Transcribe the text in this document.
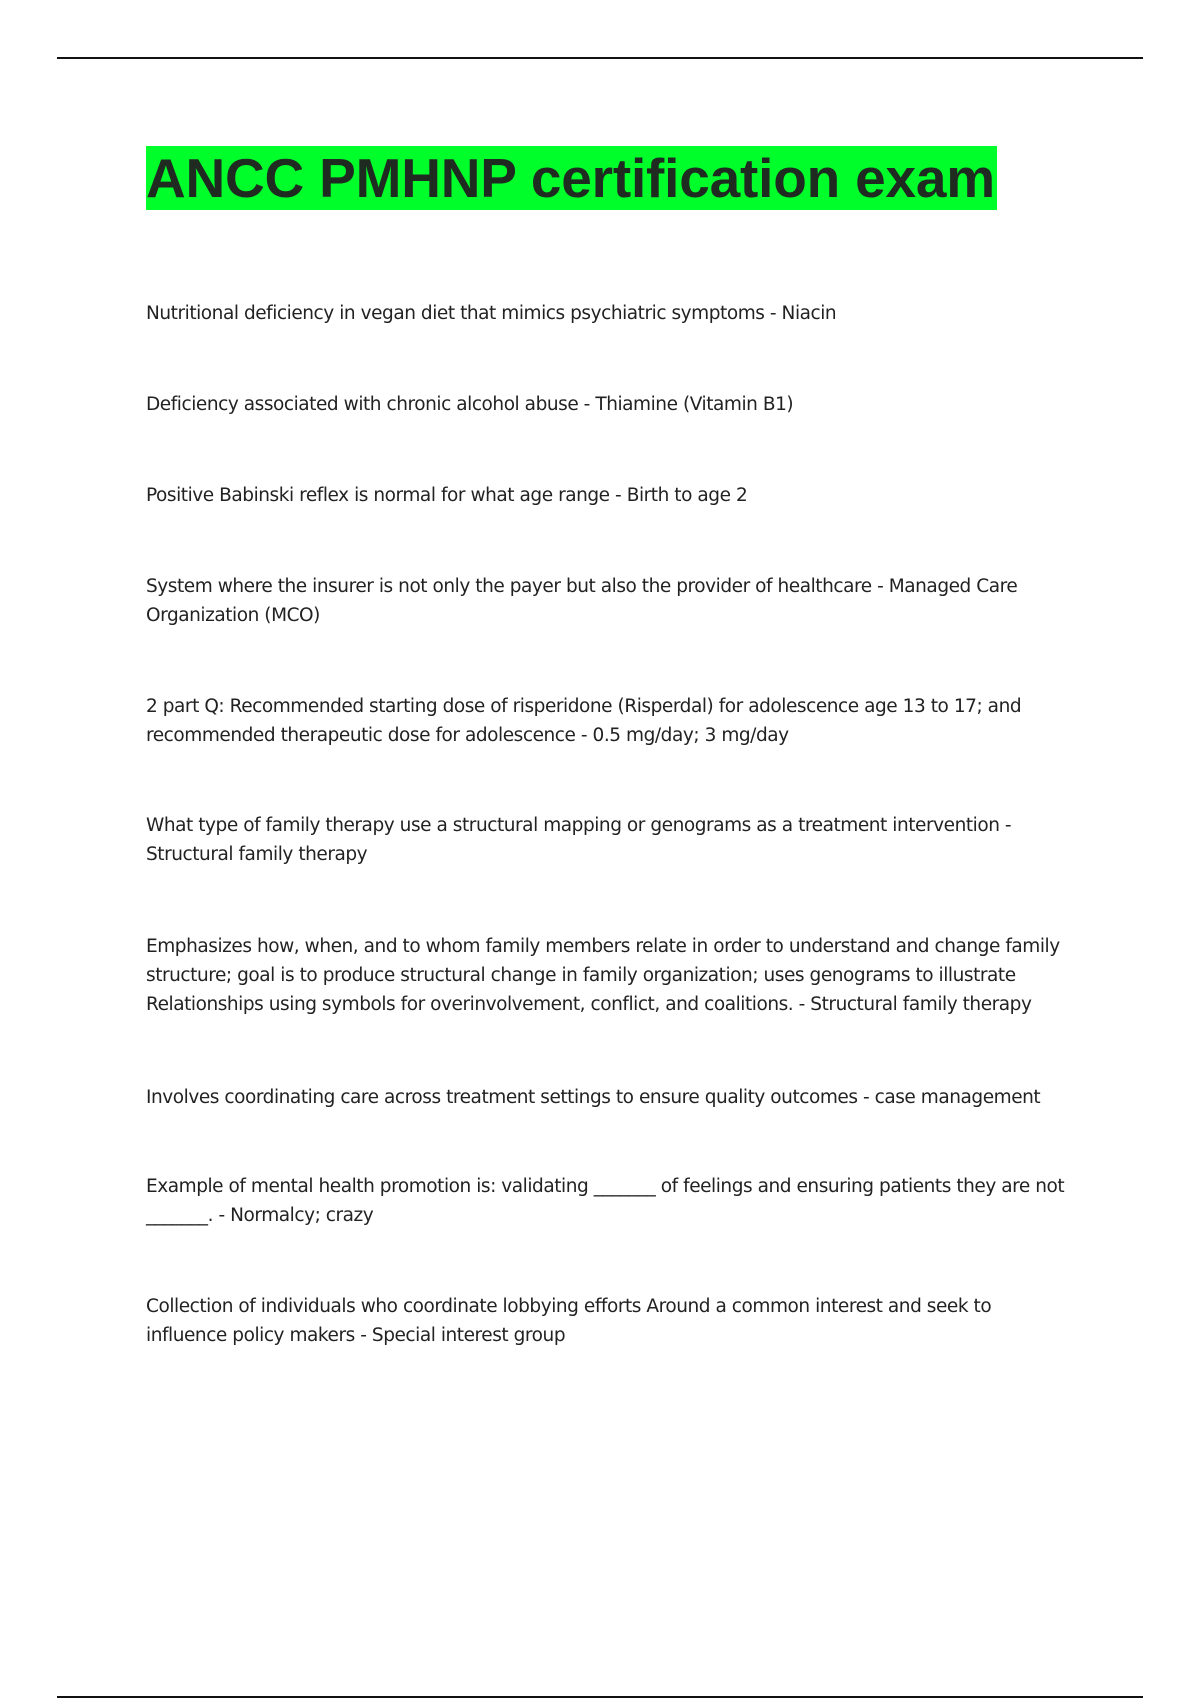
ANCC PMHNP certification exam

Nutritional deficiency in vegan diet that mimics psychiatric symptoms - Niacin

Deficiency associated with chronic alcohol abuse - Thiamine (Vitamin B1)

Positive Babinski reflex is normal for what age range - Birth to age 2

System where the insurer is not only the payer but also the provider of healthcare - Managed Care Organization (MCO)

2 part Q: Recommended starting dose of risperidone (Risperdal) for adolescence age 13 to 17; and recommended therapeutic dose for adolescence - 0.5 mg/day; 3 mg/day

What type of family therapy use a structural mapping or genograms as a treatment intervention - Structural family therapy

Emphasizes how, when, and to whom family members relate in order to understand and change family structure; goal is to produce structural change in family organization; uses genograms to illustrate Relationships using symbols for overinvolvement, conflict, and coalitions. - Structural family therapy

Involves coordinating care across treatment settings to ensure quality outcomes - case management

Example of mental health promotion is: validating _______ of feelings and ensuring patients they are not _______. - Normalcy; crazy

Collection of individuals who coordinate lobbying efforts Around a common interest and seek to influence policy makers - Special interest group
